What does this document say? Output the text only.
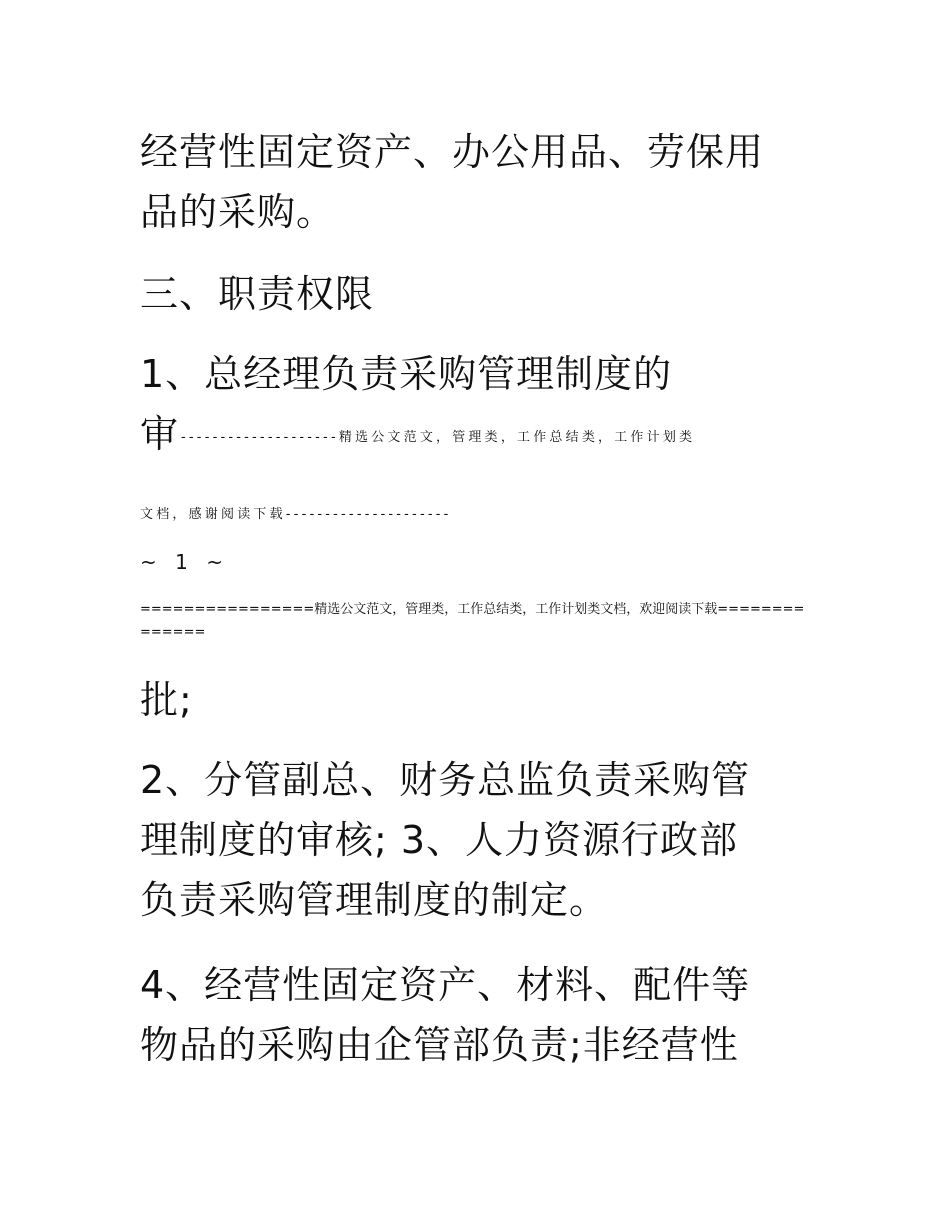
经营性固定资产、办公用品、劳保用
品的采购。
三、职责权限
1、总经理负责采购管理制度的
审 --------------------精选公文范文，管理类，工作总结类，工作计划类
文档，感谢阅读下载---------------------
~ 1 ~
================精选公文范文，管理类，工作总结类，工作计划类文档，欢迎阅读下载==============
批;
2、分管副总、财务总监负责采购管
理制度的审核; 3、人力资源行政部
负责采购管理制度的制定。
4、经营性固定资产、材料、配件等
物品的采购由企管部负责;非经营性
